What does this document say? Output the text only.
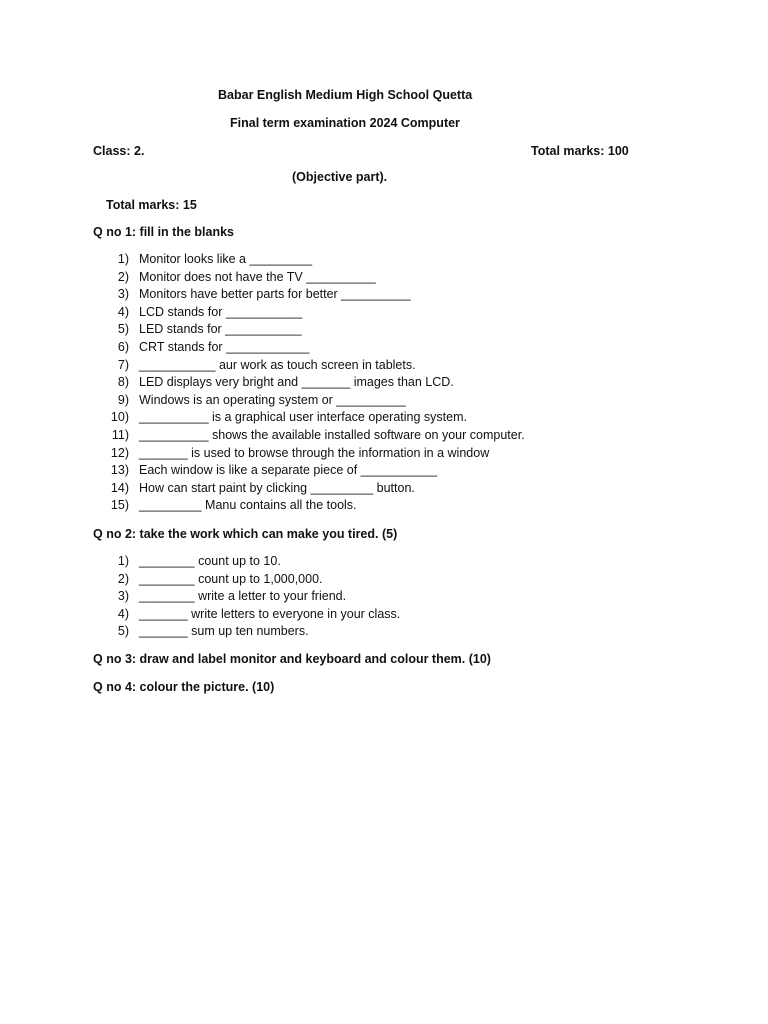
Babar English Medium High School Quetta
Final term examination 2024 Computer
Class: 2.	Total marks: 100
(Objective part).
Total marks: 15
Q no 1: fill in the blanks
1) Monitor looks like a _________
2) Monitor does not have the TV __________
3) Monitors have better parts for better __________
4) LCD stands for ___________
5) LED stands for ___________
6) CRT stands for ____________
7) ___________ aur work as touch screen in tablets.
8) LED displays very bright and _______ images than LCD.
9) Windows is an operating system or __________
10) __________ is a graphical user interface operating system.
11) __________ shows the available installed software on your computer.
12) _______ is used to browse through the information in a window
13) Each window is like a separate piece of ___________
14) How can start paint by clicking _________ button.
15) _________ Manu contains all the tools.
Q no 2: take the work which can make you tired. (5)
1) ________ count up to 10.
2) ________ count up to 1,000,000.
3) ________ write a letter to your friend.
4) _______ write letters to everyone in your class.
5) _______ sum up ten numbers.
Q no 3: draw and label monitor and keyboard and colour them. (10)
Q no 4: colour the picture. (10)
